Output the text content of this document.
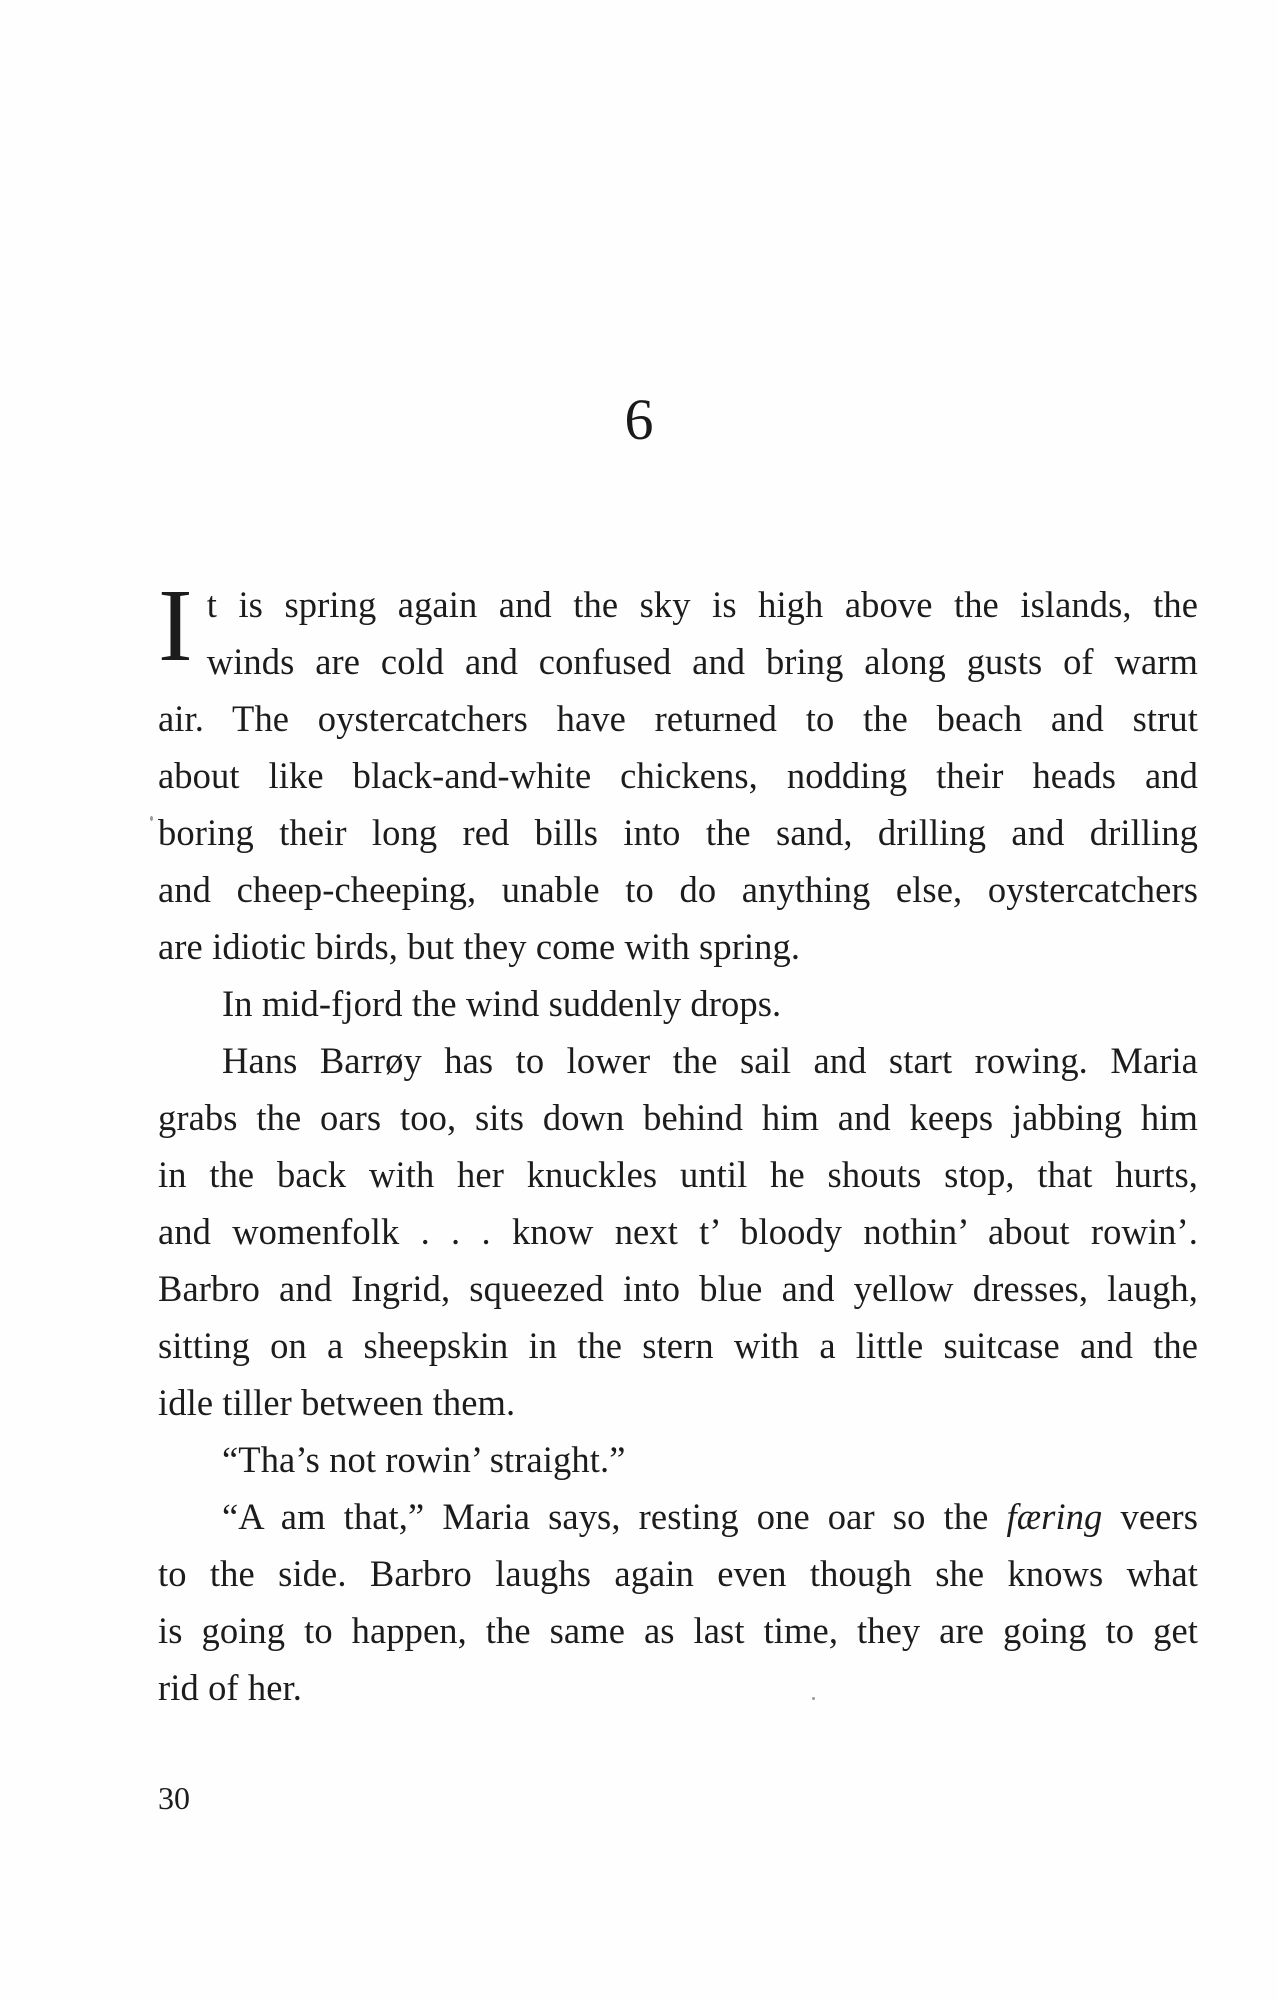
6
I t is spring again and the sky is high above the islands, the
winds are cold and confused and bring along gusts of warm
air. The oystercatchers have returned to the beach and strut
about like black-and-white chickens, nodding their heads and
boring their long red bills into the sand, drilling and drilling
and cheep-cheeping, unable to do anything else, oystercatchers
are idiotic birds, but they come with spring.
In mid-fjord the wind suddenly drops.
Hans Barrøy has to lower the sail and start rowing. Maria
grabs the oars too, sits down behind him and keeps jabbing him
in the back with her knuckles until he shouts stop, that hurts,
and womenfolk . . . know next t’ bloody nothin’ about rowin’.
Barbro and Ingrid, squeezed into blue and yellow dresses, laugh,
sitting on a sheepskin in the stern with a little suitcase and the
idle tiller between them.
“Tha’s not rowin’ straight.”
“A am that,” Maria says, resting one oar so the færing veers
to the side. Barbro laughs again even though she knows what
is going to happen, the same as last time, they are going to get
rid of her.
30
